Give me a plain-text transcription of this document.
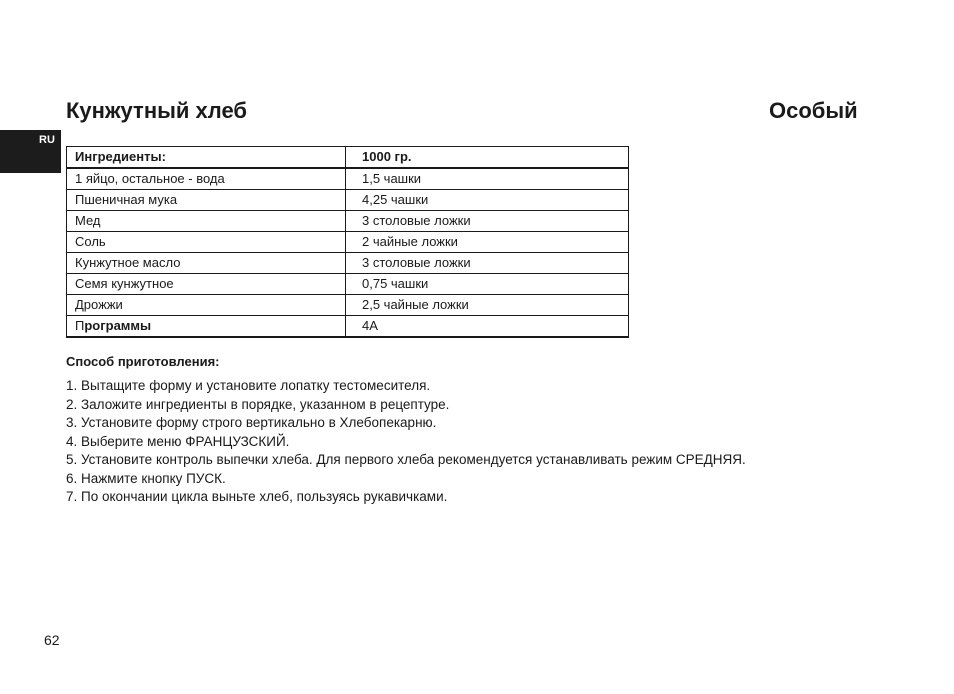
RU
Кунжутный хлеб	Особый
Ингредиенты:	1000 гр.
1 яйцо, остальное - вода	1,5 чашки
Пшеничная мука	4,25 чашки
Мед	3 столовые ложки
Соль	2 чайные ложки
Кунжутное масло	3 столовые ложки
Семя кунжутное	0,75 чашки
Дрожжи	2,5 чайные ложки
Программы	4A
Способ приготовления:
1. Вытащите форму и установите лопатку тестомесителя.
2. Заложите ингредиенты в порядке, указанном в рецептуре.
3. Установите форму строго вертикально в Хлебопекарню.
4. Выберите меню ФРАНЦУЗСКИЙ.
5. Установите контроль выпечки хлеба. Для первого хлеба рекомендуется устанавливать режим СРЕДНЯЯ.
6. Нажмите кнопку ПУСК.
7. По окончании цикла выньте хлеб, пользуясь рукавичками.
62
